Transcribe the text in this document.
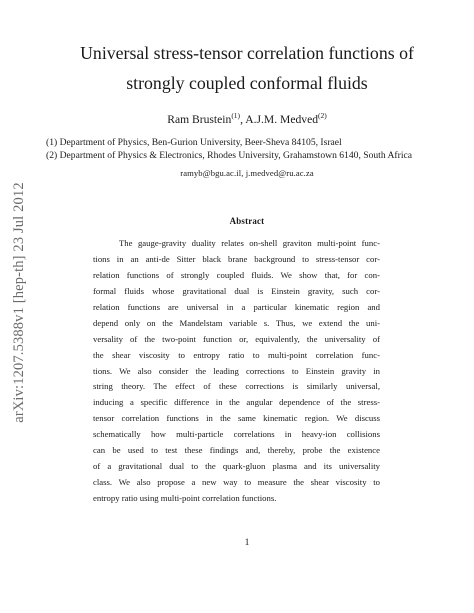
arXiv:1207.5388v1 [hep-th] 23 Jul 2012
Universal stress-tensor correlation functions of
strongly coupled conformal fluids
Ram Brustein$^{(1)}$, A.J.M. Medved$^{(2)}$
(1) Department of Physics, Ben-Gurion University, Beer-Sheva 84105, Israel
(2) Department of Physics & Electronics, Rhodes University, Grahamstown 6140, South Africa
ramyb@bgu.ac.il, j.medved@ru.ac.za
Abstract
The gauge-gravity duality relates on-shell graviton multi-point func-
tions in an anti-de Sitter black brane background to stress-tensor cor-
relation functions of strongly coupled fluids. We show that, for con-
formal fluids whose gravitational dual is Einstein gravity, such cor-
relation functions are universal in a particular kinematic region and
depend only on the Mandelstam variable s. Thus, we extend the uni-
versality of the two-point function or, equivalently, the universality of
the shear viscosity to entropy ratio to multi-point correlation func-
tions. We also consider the leading corrections to Einstein gravity in
string theory. The effect of these corrections is similarly universal,
inducing a specific difference in the angular dependence of the stress-
tensor correlation functions in the same kinematic region. We discuss
schematically how multi-particle correlations in heavy-ion collisions
can be used to test these findings and, thereby, probe the existence
of a gravitational dual to the quark-gluon plasma and its universality
class. We also propose a new way to measure the shear viscosity to
entropy ratio using multi-point correlation functions.
1
